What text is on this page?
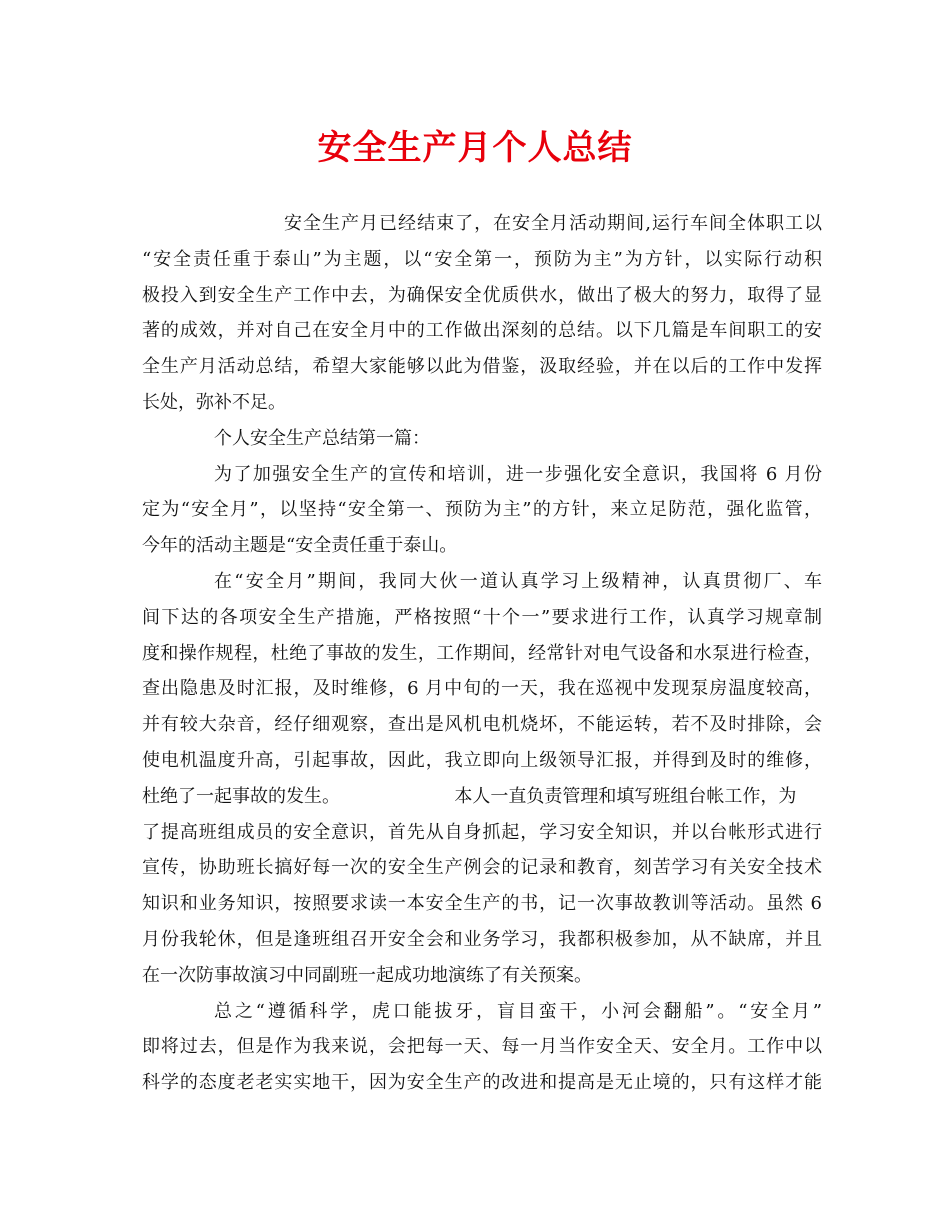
安全生产月个人总结
安全生产月已经结束了，在安全月活动期间,运行车间全体职工以
“安全责任重于泰山”为主题，以“安全第一，预防为主”为方针，以实际行动积
极投入到安全生产工作中去，为确保安全优质供水，做出了极大的努力，取得了显
著的成效，并对自己在安全月中的工作做出深刻的总结。以下几篇是车间职工的安
全生产月活动总结，希望大家能够以此为借鉴，汲取经验，并在以后的工作中发挥
长处，弥补不足。
个人安全生产总结第一篇：
为了加强安全生产的宣传和培训，进一步强化安全意识，我国将 6 月份
定为“安全月”，以坚持“安全第一、预防为主”的方针，来立足防范，强化监管，
今年的活动主题是“安全责任重于泰山。
在“安全月”期间，我同大伙一道认真学习上级精神，认真贯彻厂、车
间下达的各项安全生产措施，严格按照“十个一”要求进行工作，认真学习规章制
度和操作规程，杜绝了事故的发生，工作期间，经常针对电气设备和水泵进行检查，
查出隐患及时汇报，及时维修，6 月中旬的一天，我在巡视中发现泵房温度较高，
并有较大杂音，经仔细观察，查出是风机电机烧坏，不能运转，若不及时排除，会
使电机温度升高，引起事故，因此，我立即向上级领导汇报，并得到及时的维修，
杜绝了一起事故的发生。                    本人一直负责管理和填写班组台帐工作，为
了提高班组成员的安全意识，首先从自身抓起，学习安全知识，并以台帐形式进行
宣传，协助班长搞好每一次的安全生产例会的记录和教育，刻苦学习有关安全技术
知识和业务知识，按照要求读一本安全生产的书，记一次事故教训等活动。虽然 6
月份我轮休，但是逢班组召开安全会和业务学习，我都积极参加，从不缺席，并且
在一次防事故演习中同副班一起成功地演练了有关预案。
总之“遵循科学，虎口能拔牙，盲目蛮干，小河会翻船”。“安全月”
即将过去，但是作为我来说，会把每一天、每一月当作安全天、安全月。工作中以
科学的态度老老实实地干，因为安全生产的改进和提高是无止境的，只有这样才能
